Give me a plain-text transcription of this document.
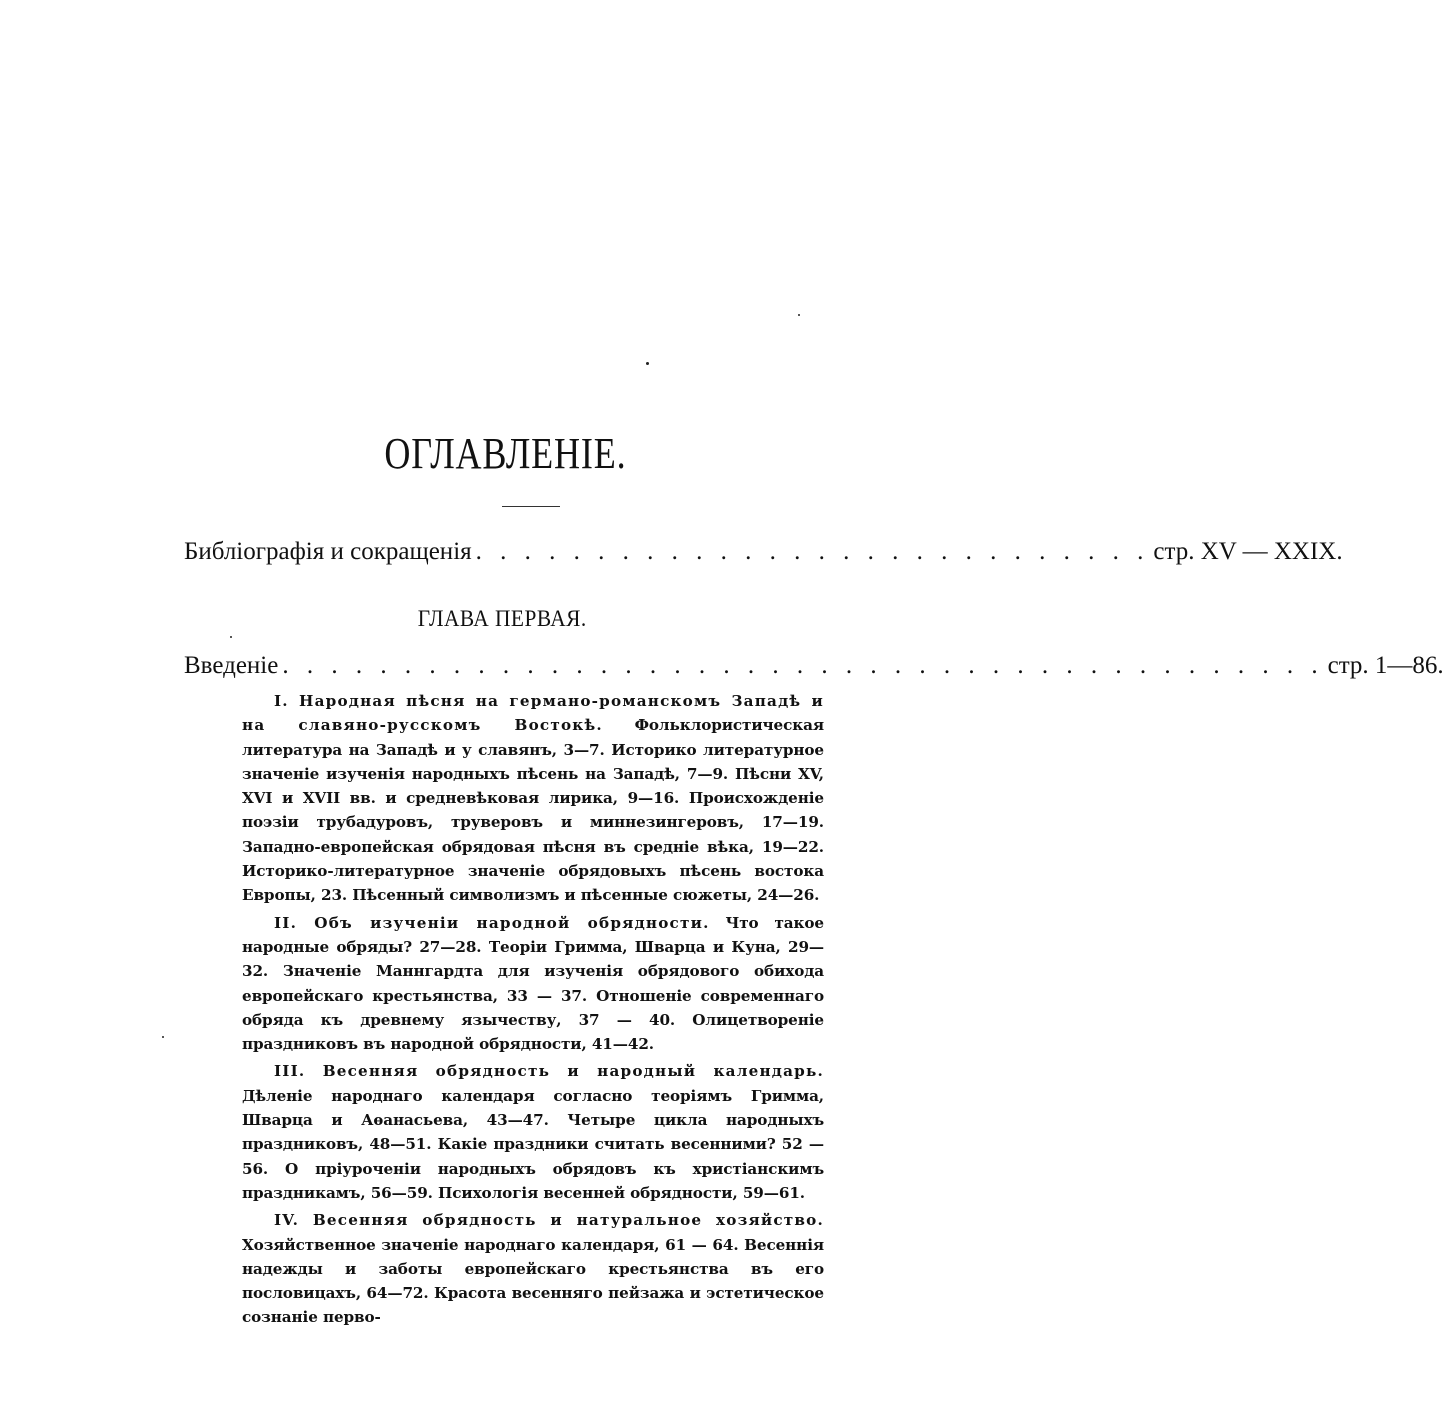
ОГЛАВЛЕНІЕ.
Библіографія и сокращенія . . . . . . . . . . . . . . . . . . . . . . . . . . . . стр. XV — XXIX.
ГЛАВА ПЕРВАЯ.
Введеніе . . . . . . . . . . . . . . . . . . . . . . . . . . . . . . . . . . . . . . . . . . . стр. 1—86.

I. Народная пѣсня на германо-романскомъ Западѣ и на славяно-русскомъ Востокѣ. Фольклористическая литература на Западѣ и у славянъ, 3—7. Историко литературное значеніе изученія народныхъ пѣсень на Западѣ, 7—9. Пѣсни XV, XVI и XVII вв. и средневѣковая лирика, 9—16. Происхожденіе поэзіи трубадуровъ, труверовъ и миннезингеровъ, 17—19. Западно-европейская обрядовая пѣсня въ средніе вѣка, 19—22. Историко-литературное значеніе обрядовыхъ пѣсень востока Европы, 23. Пѣсенный символизмъ и пѣсенные сюжеты, 24—26.

II. Объ изученіи народной обрядности. Что такое народные обряды? 27—28. Теоріи Гримма, Шварца и Куна, 29—32. Значеніе Маннгардта для изученія обрядового обихода европейскаго крестьянства, 33 — 37. Отношеніе современнаго обряда къ древнему язычеству, 37 — 40. Олицетвореніе праздниковъ въ народной обрядности, 41—42.

III. Весенняя обрядность и народный календарь. Дѣленіе народнаго календаря согласно теоріямъ Гримма, Шварца и Аѳанасьева, 43—47. Четыре цикла народныхъ праздниковъ, 48—51. Какіе праздники считать весенними? 52 — 56. О пріуроченіи народныхъ обрядовъ къ христіанскимъ праздникамъ, 56—59. Психологія весенней обрядности, 59—61.

IV. Весенняя обрядность и натуральное хозяйство. Хозяйственное значеніе народнаго календаря, 61 — 64. Весеннія надежды и заботы европейскаго крестьянства въ его пословицахъ, 64—72. Красота весенняго пейзажа и эстетическое сознаніе перво-
